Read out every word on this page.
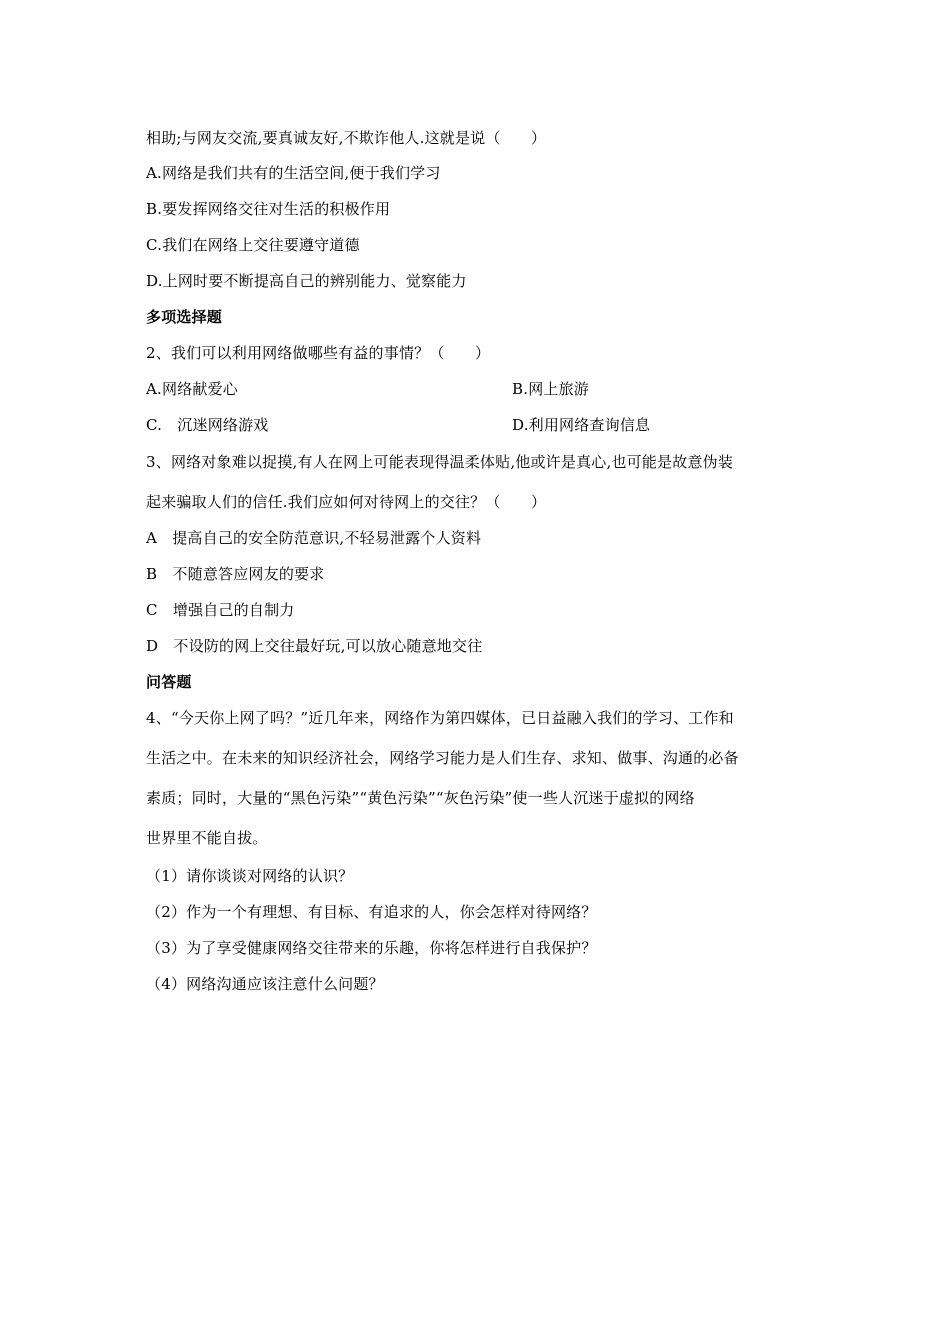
相助;与网友交流,要真诚友好,不欺诈他人.这就是说（　　）
A.网络是我们共有的生活空间,便于我们学习
B.要发挥网络交往对生活的积极作用
C.我们在网络上交往要遵守道德
D.上网时要不断提高自己的辨别能力、觉察能力
多项选择题
2、我们可以利用网络做哪些有益的事情？（　　）
A.网络献爱心	B.网上旅游
C.　沉迷网络游戏	D.利用网络查询信息
3、网络对象难以捉摸,有人在网上可能表现得温柔体贴,他或许是真心,也可能是故意伪装
起来骗取人们的信任.我们应如何对待网上的交往？（　　）
A　提高自己的安全防范意识,不轻易泄露个人资料
B　不随意答应网友的要求
C　增强自己的自制力
D　不设防的网上交往最好玩,可以放心随意地交往
问答题
4、“今天你上网了吗？”近几年来，网络作为第四媒体，已日益融入我们的学习、工作和
生活之中。在未来的知识经济社会，网络学习能力是人们生存、求知、做事、沟通的必备
素质；同时，大量的“黑色污染”“黄色污染”“灰色污染”使一些人沉迷于虚拟的网络
世界里不能自拔。
（1）请你谈谈对网络的认识？
（2）作为一个有理想、有目标、有追求的人，你会怎样对待网络？
（3）为了享受健康网络交往带来的乐趣，你将怎样进行自我保护？
（4）网络沟通应该注意什么问题？
